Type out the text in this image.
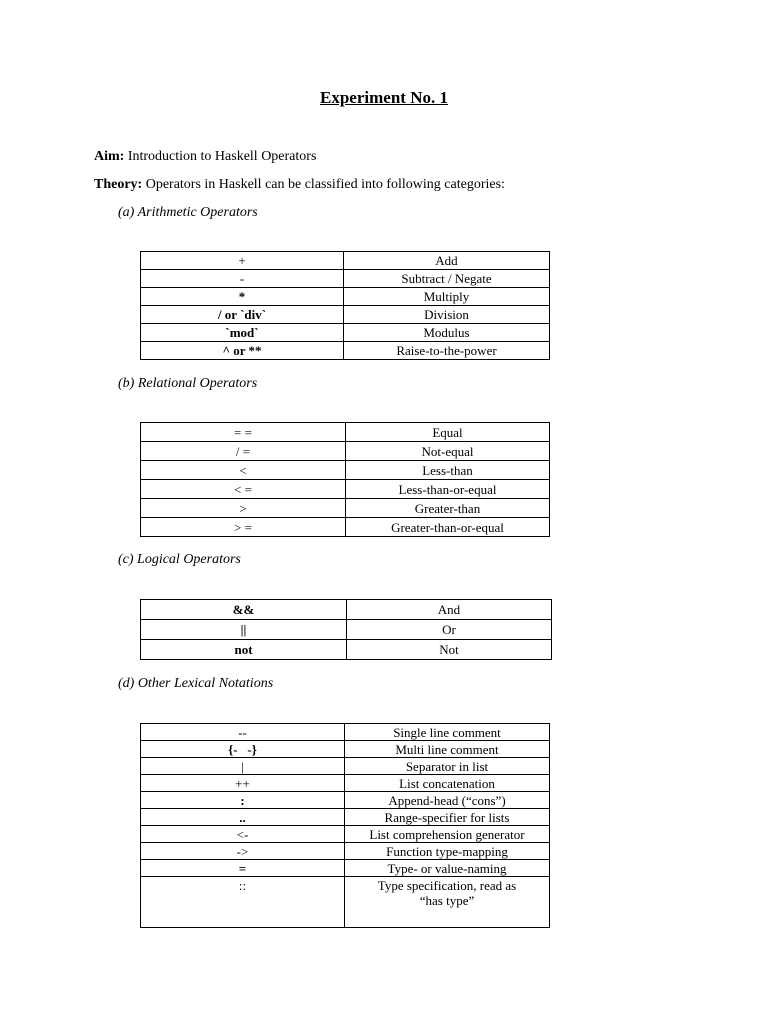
Experiment No. 1
Aim: Introduction to Haskell Operators
Theory: Operators in Haskell can be classified into following categories:
(a) Arithmetic Operators
+	Add
-	Subtract / Negate
*	Multiply
/ or `div`	Division
`mod`	Modulus
^ or **	Raise-to-the-power
(b) Relational Operators
= =	Equal
/ =	Not-equal
<	Less-than
< =	Less-than-or-equal
>	Greater-than
> =	Greater-than-or-equal
(c) Logical Operators
&&	And
||	Or
not	Not
(d) Other Lexical Notations
--	Single line comment
{-   -}	Multi line comment
|	Separator in list
++	List concatenation
:	Append-head (“cons”)
..	Range-specifier for lists
<-	List comprehension generator
->	Function type-mapping
=	Type- or value-naming
::	Type specification, read as
“has type”
